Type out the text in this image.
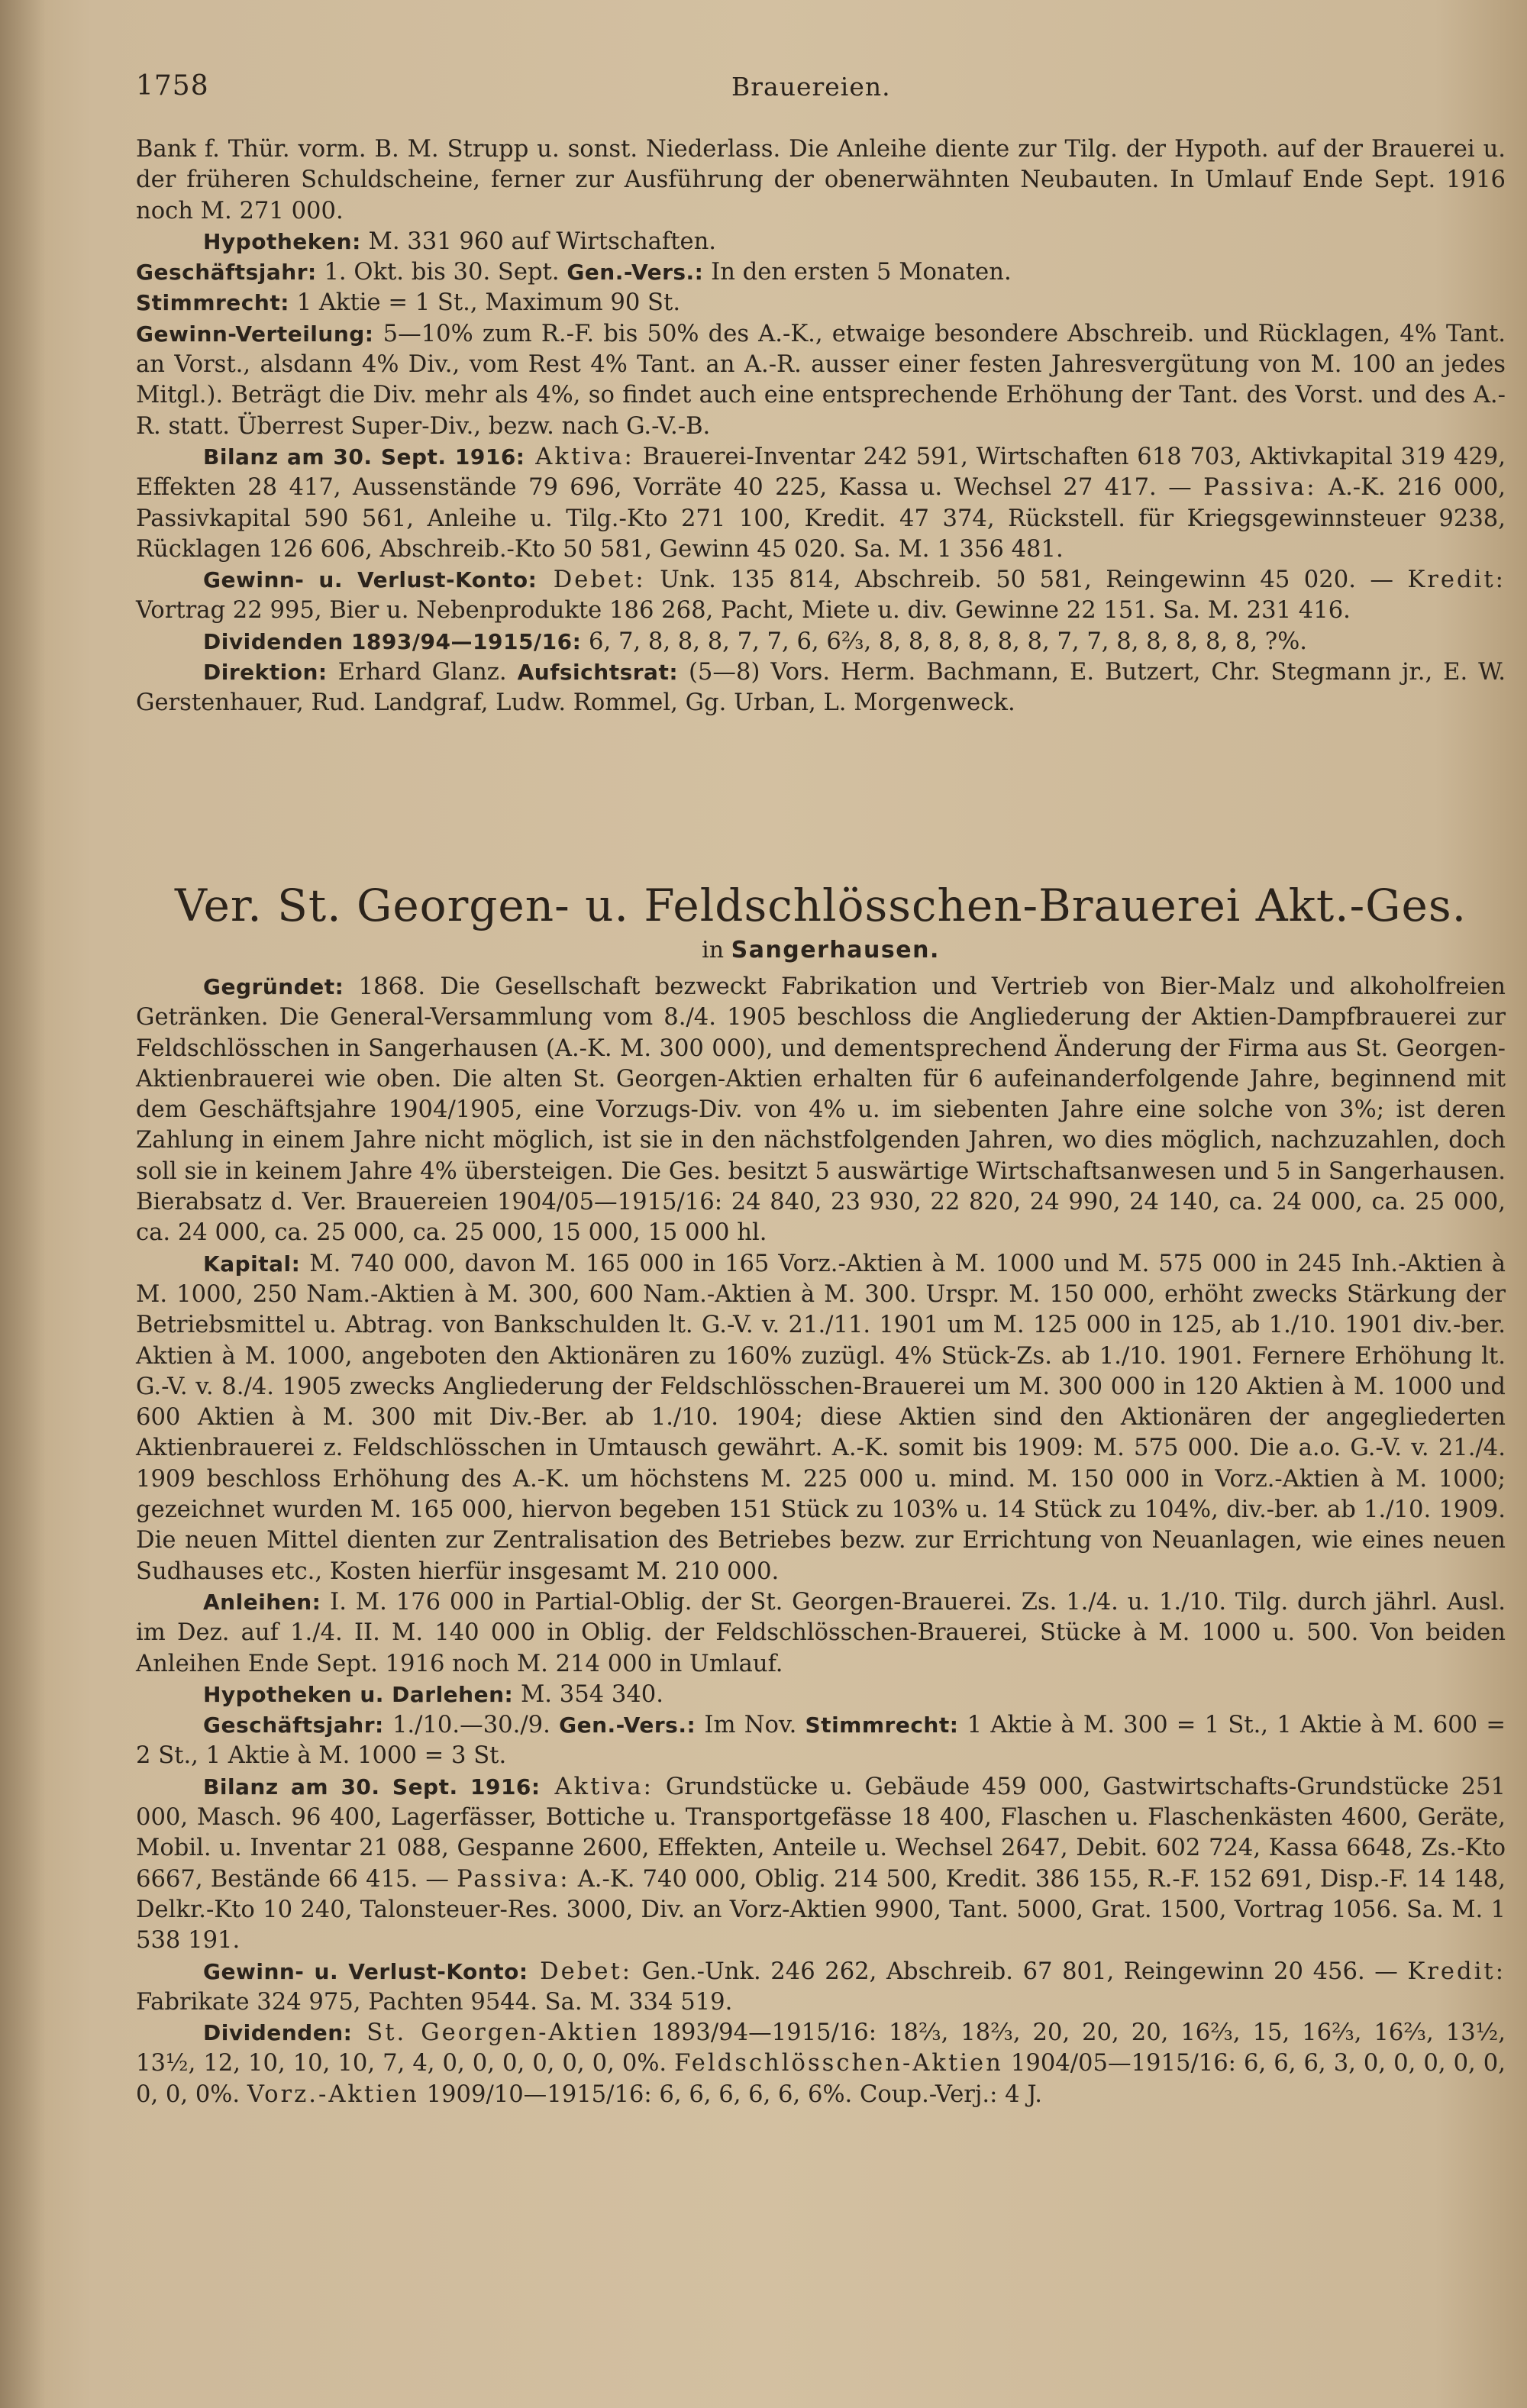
1758	Brauereien.

Bank f. Thür. vorm. B. M. Strupp u. sonst. Niederlass. Die Anleihe diente zur Tilg. der Hypoth. auf der Brauerei u. der früheren Schuldscheine, ferner zur Ausführung der obenerwähnten Neubauten. In Umlauf Ende Sept. 1916 noch M. 271 000.

Hypotheken: M. 331 960 auf Wirtschaften.

Geschäftsjahr: 1. Okt. bis 30. Sept. Gen.-Vers.: In den ersten 5 Monaten.

Stimmrecht: 1 Aktie = 1 St., Maximum 90 St.

Gewinn-Verteilung: 5—10% zum R.-F. bis 50% des A.-K., etwaige besondere Abschreib. und Rücklagen, 4% Tant. an Vorst., alsdann 4% Div., vom Rest 4% Tant. an A.-R. ausser einer festen Jahresvergütung von M. 100 an jedes Mitgl.). Beträgt die Div. mehr als 4%, so findet auch eine entsprechende Erhöhung der Tant. des Vorst. und des A.-R. statt. Überrest Super-Div., bezw. nach G.-V.-B.

Bilanz am 30. Sept. 1916: Aktiva: Brauerei-Inventar 242 591, Wirtschaften 618 703, Aktivkapital 319 429, Effekten 28 417, Aussenstände 79 696, Vorräte 40 225, Kassa u. Wechsel 27 417. — Passiva: A.-K. 216 000, Passivkapital 590 561, Anleihe u. Tilg.-Kto 271 100, Kredit. 47 374, Rückstell. für Kriegsgewinnsteuer 9238, Rücklagen 126 606, Abschreib.-Kto 50 581, Gewinn 45 020. Sa. M. 1 356 481.

Gewinn- u. Verlust-Konto: Debet: Unk. 135 814, Abschreib. 50 581, Reingewinn 45 020. — Kredit: Vortrag 22 995, Bier u. Nebenprodukte 186 268, Pacht, Miete u. div. Gewinne 22 151. Sa. M. 231 416.

Dividenden 1893/94—1915/16: 6, 7, 8, 8, 8, 7, 7, 6, 6⅔, 8, 8, 8, 8, 8, 8, 7, 7, 8, 8, 8, 8, 8, ?%.

Direktion: Erhard Glanz. Aufsichtsrat: (5—8) Vors. Herm. Bachmann, E. Butzert, Chr. Stegmann jr., E. W. Gerstenhauer, Rud. Landgraf, Ludw. Rommel, Gg. Urban, L. Morgenweck.

Ver. St. Georgen- u. Feldschlösschen-Brauerei Akt.-Ges.
in Sangerhausen.

Gegründet: 1868. Die Gesellschaft bezweckt Fabrikation und Vertrieb von Bier-Malz und alkoholfreien Getränken. Die General-Versammlung vom 8./4. 1905 beschloss die Angliederung der Aktien-Dampfbrauerei zur Feldschlösschen in Sangerhausen (A.-K. M. 300 000), und dementsprechend Änderung der Firma aus St. Georgen-Aktienbrauerei wie oben. Die alten St. Georgen-Aktien erhalten für 6 aufeinanderfolgende Jahre, beginnend mit dem Geschäftsjahre 1904/1905, eine Vorzugs-Div. von 4% u. im siebenten Jahre eine solche von 3%; ist deren Zahlung in einem Jahre nicht möglich, ist sie in den nächstfolgenden Jahren, wo dies möglich, nachzuzahlen, doch soll sie in keinem Jahre 4% übersteigen. Die Ges. besitzt 5 auswärtige Wirtschaftsanwesen und 5 in Sangerhausen. Bierabsatz d. Ver. Brauereien 1904/05—1915/16: 24 840, 23 930, 22 820, 24 990, 24 140, ca. 24 000, ca. 25 000, ca. 24 000, ca. 25 000, ca. 25 000, 15 000, 15 000 hl.

Kapital: M. 740 000, davon M. 165 000 in 165 Vorz.-Aktien à M. 1000 und M. 575 000 in 245 Inh.-Aktien à M. 1000, 250 Nam.-Aktien à M. 300, 600 Nam.-Aktien à M. 300. Urspr. M. 150 000, erhöht zwecks Stärkung der Betriebsmittel u. Abtrag. von Bankschulden lt. G.-V. v. 21./11. 1901 um M. 125 000 in 125, ab 1./10. 1901 div.-ber. Aktien à M. 1000, angeboten den Aktionären zu 160% zuzügl. 4% Stück-Zs. ab 1./10. 1901. Fernere Erhöhung lt. G.-V. v. 8./4. 1905 zwecks Angliederung der Feldschlösschen-Brauerei um M. 300 000 in 120 Aktien à M. 1000 und 600 Aktien à M. 300 mit Div.-Ber. ab 1./10. 1904; diese Aktien sind den Aktionären der angegliederten Aktienbrauerei z. Feldschlösschen in Umtausch gewährt. A.-K. somit bis 1909: M. 575 000. Die a.o. G.-V. v. 21./4. 1909 beschloss Erhöhung des A.-K. um höchstens M. 225 000 u. mind. M. 150 000 in Vorz.-Aktien à M. 1000; gezeichnet wurden M. 165 000, hiervon begeben 151 Stück zu 103% u. 14 Stück zu 104%, div.-ber. ab 1./10. 1909. Die neuen Mittel dienten zur Zentralisation des Betriebes bezw. zur Errichtung von Neuanlagen, wie eines neuen Sudhauses etc., Kosten hierfür insgesamt M. 210 000.

Anleihen: I. M. 176 000 in Partial-Oblig. der St. Georgen-Brauerei. Zs. 1./4. u. 1./10. Tilg. durch jährl. Ausl. im Dez. auf 1./4. II. M. 140 000 in Oblig. der Feldschlösschen-Brauerei, Stücke à M. 1000 u. 500. Von beiden Anleihen Ende Sept. 1916 noch M. 214 000 in Umlauf.

Hypotheken u. Darlehen: M. 354 340.

Geschäftsjahr: 1./10.—30./9. Gen.-Vers.: Im Nov. Stimmrecht: 1 Aktie à M. 300 = 1 St., 1 Aktie à M. 600 = 2 St., 1 Aktie à M. 1000 = 3 St.

Bilanz am 30. Sept. 1916: Aktiva: Grundstücke u. Gebäude 459 000, Gastwirtschafts-Grundstücke 251 000, Masch. 96 400, Lagerfässer, Bottiche u. Transportgefässe 18 400, Flaschen u. Flaschenkästen 4600, Geräte, Mobil. u. Inventar 21 088, Gespanne 2600, Effekten, Anteile u. Wechsel 2647, Debit. 602 724, Kassa 6648, Zs.-Kto 6667, Bestände 66 415. — Passiva: A.-K. 740 000, Oblig. 214 500, Kredit. 386 155, R.-F. 152 691, Disp.-F. 14 148, Delkr.-Kto 10 240, Talonsteuer-Res. 3000, Div. an Vorz-Aktien 9900, Tant. 5000, Grat. 1500, Vortrag 1056. Sa. M. 1 538 191.

Gewinn- u. Verlust-Konto: Debet: Gen.-Unk. 246 262, Abschreib. 67 801, Reingewinn 20 456. — Kredit: Fabrikate 324 975, Pachten 9544. Sa. M. 334 519.

Dividenden: St. Georgen-Aktien 1893/94—1915/16: 18⅔, 18⅔, 20, 20, 20, 16⅔, 15, 16⅔, 16⅔, 13½, 13½, 12, 10, 10, 10, 7, 4, 0, 0, 0, 0, 0, 0, 0%. Feldschlösschen-Aktien 1904/05—1915/16: 6, 6, 6, 3, 0, 0, 0, 0, 0, 0, 0, 0%. Vorz.-Aktien 1909/10—1915/16: 6, 6, 6, 6, 6, 6%. Coup.-Verj.: 4 J.
